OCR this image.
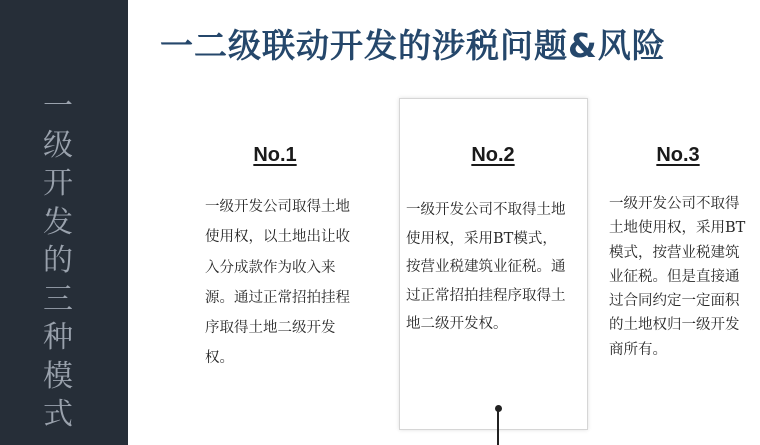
一
级
开
发
的
三
种
模
式
一二级联动开发的涉税问题&风险
No.1
一级开发公司取得土地使用权，以土地出让收入分成款作为收入来源。通过正常招拍挂程序取得土地二级开发权。
No.2
一级开发公司不取得土地使用权，采用BT模式，按营业税建筑业征税。通过正常招拍挂程序取得土地二级开发权。
No.3
一级开发公司不取得土地使用权，采用BT模式，按营业税建筑业征税。但是直接通过合同约定一定面积的土地权归一级开发商所有。
